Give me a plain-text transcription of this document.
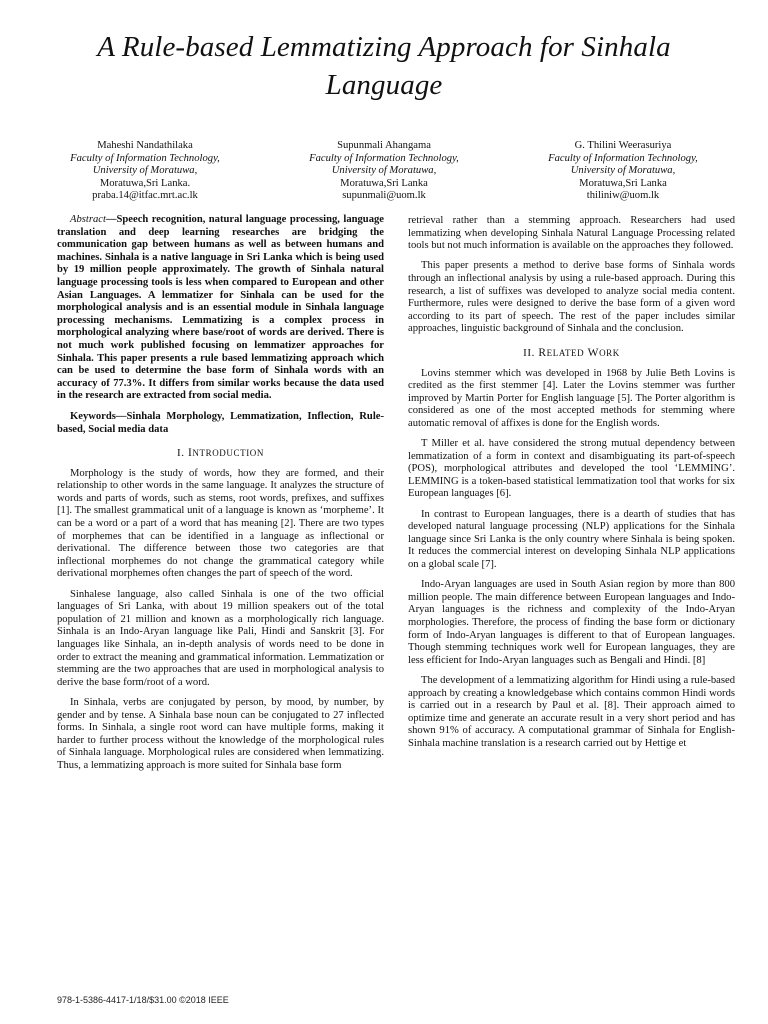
A Rule-based Lemmatizing Approach for Sinhala
Language
Maheshi Nandathilaka
Faculty of Information Technology,
University of Moratuwa,
Moratuwa,Sri Lanka.
praba.14@itfac.mrt.ac.lk
Supunmali Ahangama
Faculty of Information Technology,
University of Moratuwa,
Moratuwa,Sri Lanka
supunmali@uom.lk
G. Thilini Weerasuriya
Faculty of Information Technology,
University of Moratuwa,
Moratuwa,Sri Lanka
thiliniw@uom.lk

Abstract—Speech recognition, natural language processing, language translation and deep learning researches are bridging the communication gap between humans as well as between humans and machines. Sinhala is a native language in Sri Lanka which is being used by 19 million people approximately. The growth of Sinhala natural language processing tools is less when compared to European and other Asian Languages. A lemmatizer for Sinhala can be used for the morphological analysis and is an essential module in Sinhala language processing mechanisms. Lemmatizing is a complex process in morphological analyzing where base/root of words are derived. There is not much work published focusing on lemmatizer approaches for Sinhala. This paper presents a rule based lemmatizing approach which can be used to determine the base form of Sinhala words with an accuracy of 77.3%. It differs from similar works because the data used in the research are extracted from social media.

Keywords—Sinhala Morphology, Lemmatization, Inflection, Rule-based, Social media data

I. INTRODUCTION

Morphology is the study of words, how they are formed, and their relationship to other words in the same language. It analyzes the structure of words and parts of words, such as stems, root words, prefixes, and suffixes [1]. The smallest grammatical unit of a language is known as ‘morpheme’. It can be a word or a part of a word that has meaning [2]. There are two types of morphemes that can be identified in a language as inflectional or derivational. The difference between those two categories are that inflectional morphemes do not change the grammatical category while derivational morphemes often changes the part of speech of the word.

Sinhalese language, also called Sinhala is one of the two official languages of Sri Lanka, with about 19 million speakers out of the total population of 21 million and known as a morphologically rich language. Sinhala is an Indo-Aryan language like Pali, Hindi and Sanskrit [3]. For languages like Sinhala, an in-depth analysis of words need to be done in order to extract the meaning and grammatical information. Lemmatization or stemming are the two approaches that are used in morphological analysis to derive the base form/root of a word.

In Sinhala, verbs are conjugated by person, by mood, by number, by gender and by tense. A Sinhala base noun can be conjugated to 27 inflected forms. In Sinhala, a single root word can have multiple forms, making it harder to further process without the knowledge of the morphological rules of Sinhala language. Morphological rules are considered when lemmatizing. Thus, a lemmatizing approach is more suited for Sinhala base form

retrieval rather than a stemming approach. Researchers had used lemmatizing when developing Sinhala Natural Language Processing related tools but not much information is available on the approaches they followed.

This paper presents a method to derive base forms of Sinhala words through an inflectional analysis by using a rule-based approach. During this research, a list of suffixes was developed to analyze social media content. Furthermore, rules were designed to derive the base form of a given word according to its part of speech. The rest of the paper includes similar approaches, linguistic background of Sinhala and the conclusion.

II. RELATED WORK

Lovins stemmer which was developed in 1968 by Julie Beth Lovins is credited as the first stemmer [4]. Later the Lovins stemmer was further improved by Martin Porter for English language [5]. The Porter algorithm is considered as one of the most accepted methods for stemming where automatic removal of affixes is done for the English words.

T Miller et al. have considered the strong mutual dependency between lemmatization of a form in context and disambiguating its part-of-speech (POS), morphological attributes and developed the tool ‘LEMMING’. LEMMING is a token-based statistical lemmatization tool that works for six European languages [6].

In contrast to European languages, there is a dearth of studies that has developed natural language processing (NLP) applications for the Sinhala language since Sri Lanka is the only country where Sinhala is being spoken. It reduces the commercial interest on developing Sinhala NLP applications on a global scale [7].

Indo-Aryan languages are used in South Asian region by more than 800 million people. The main difference between European languages and Indo-Aryan languages is the richness and complexity of the Indo-Aryan morphologies. Therefore, the process of finding the base form or dictionary form of Indo-Aryan languages is different to that of European languages. Though stemming techniques work well for European languages, they are less efficient for Indo-Aryan languages such as Bengali and Hindi. [8]

The development of a lemmatizing algorithm for Hindi using a rule-based approach by creating a knowledgebase which contains common Hindi words is carried out in a research by Paul et al. [8]. Their approach aimed to optimize time and generate an accurate result in a very short period and has shown 91% of accuracy. A computational grammar of Sinhala for English-Sinhala machine translation is a research carried out by Hettige et

978-1-5386-4417-1/18/$31.00 ©2018 IEEE
